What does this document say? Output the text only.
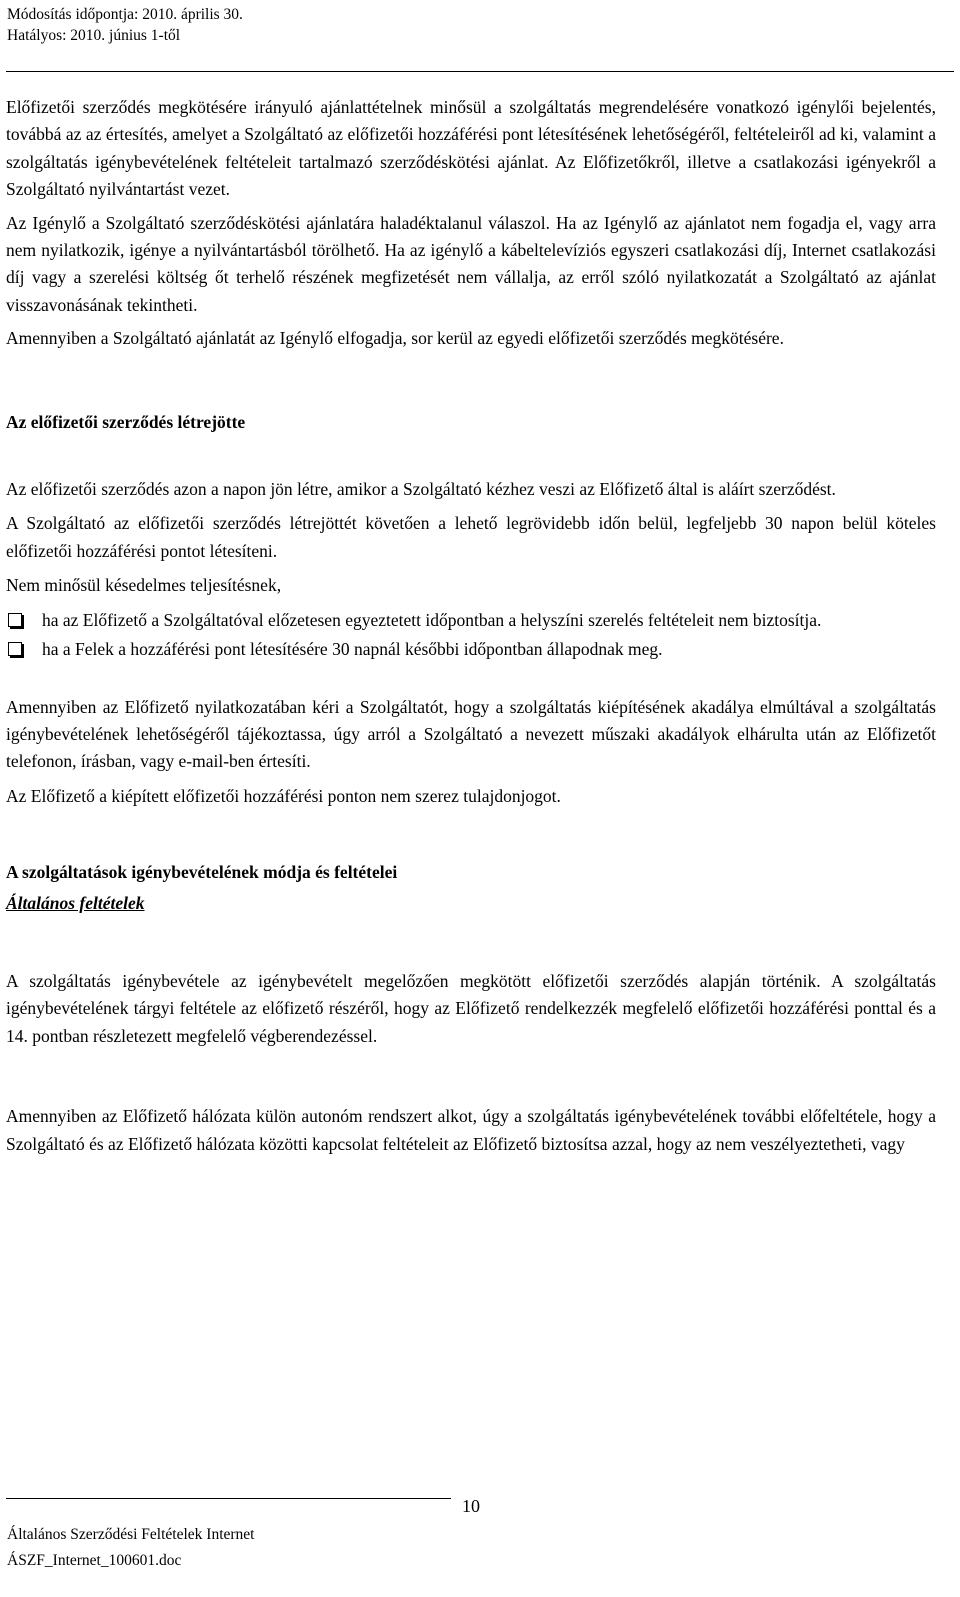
Módosítás időpontja: 2010. április 30.
Hatályos: 2010. június 1-től

Előfizetői szerződés megkötésére irányuló ajánlattételnek minősül a szolgáltatás megrendelésére vonatkozó igénylői bejelentés, továbbá az az értesítés, amelyet a Szolgáltató az előfizetői hozzáférési pont létesítésének lehetőségéről, feltételeiről ad ki, valamint a szolgáltatás igénybevételének feltételeit tartalmazó szerződéskötési ajánlat. Az Előfizetőkről, illetve a csatlakozási igényekről a Szolgáltató nyilvántartást vezet.

Az Igénylő a Szolgáltató szerződéskötési ajánlatára haladéktalanul válaszol. Ha az Igénylő az ajánlatot nem fogadja el, vagy arra nem nyilatkozik, igénye a nyilvántartásból törölhető. Ha az igénylő a kábeltelevíziós egyszeri csatlakozási díj, Internet csatlakozási díj vagy a szerelési költség őt terhelő részének megfizetését nem vállalja, az erről szóló nyilatkozatát a Szolgáltató az ajánlat visszavonásának tekintheti.

Amennyiben a Szolgáltató ajánlatát az Igénylő elfogadja, sor kerül az egyedi előfizetői szerződés megkötésére.

Az előfizetői szerződés létrejötte

Az előfizetői szerződés azon a napon jön létre, amikor a Szolgáltató kézhez veszi az Előfizető által is aláírt szerződést.

A Szolgáltató az előfizetői szerződés létrejöttét követően a lehető legrövidebb időn belül, legfeljebb 30 napon belül köteles előfizetői hozzáférési pontot létesíteni.

Nem minősül késedelmes teljesítésnek,

ha az Előfizető a Szolgáltatóval előzetesen egyeztetett időpontban a helyszíni szerelés feltételeit nem biztosítja.
ha a Felek a hozzáférési pont létesítésére 30 napnál későbbi időpontban állapodnak meg.

Amennyiben az Előfizető nyilatkozatában kéri a Szolgáltatót, hogy a szolgáltatás kiépítésének akadálya elmúltával a szolgáltatás igénybevételének lehetőségéről tájékoztassa, úgy arról a Szolgáltató a nevezett műszaki akadályok elhárulta után az Előfizetőt telefonon, írásban, vagy e-mail-ben értesíti.

Az Előfizető a kiépített előfizetői hozzáférési ponton nem szerez tulajdonjogot.

A szolgáltatások igénybevételének módja és feltételei

Általános feltételek

A szolgáltatás igénybevétele az igénybevételt megelőzően megkötött előfizetői szerződés alapján történik. A szolgáltatás igénybevételének tárgyi feltétele az előfizető részéről, hogy az Előfizető rendelkezzék megfelelő előfizetői hozzáférési ponttal és a 14. pontban részletezett megfelelő végberendezéssel.

Amennyiben az Előfizető hálózata külön autonóm rendszert alkot, úgy a szolgáltatás igénybevételének további előfeltétele, hogy a Szolgáltató és az Előfizető hálózata közötti kapcsolat feltételeit az Előfizető biztosítsa azzal, hogy az nem veszélyeztetheti, vagy

10
Általános Szerződési Feltételek Internet
ÁSZF_Internet_100601.doc
